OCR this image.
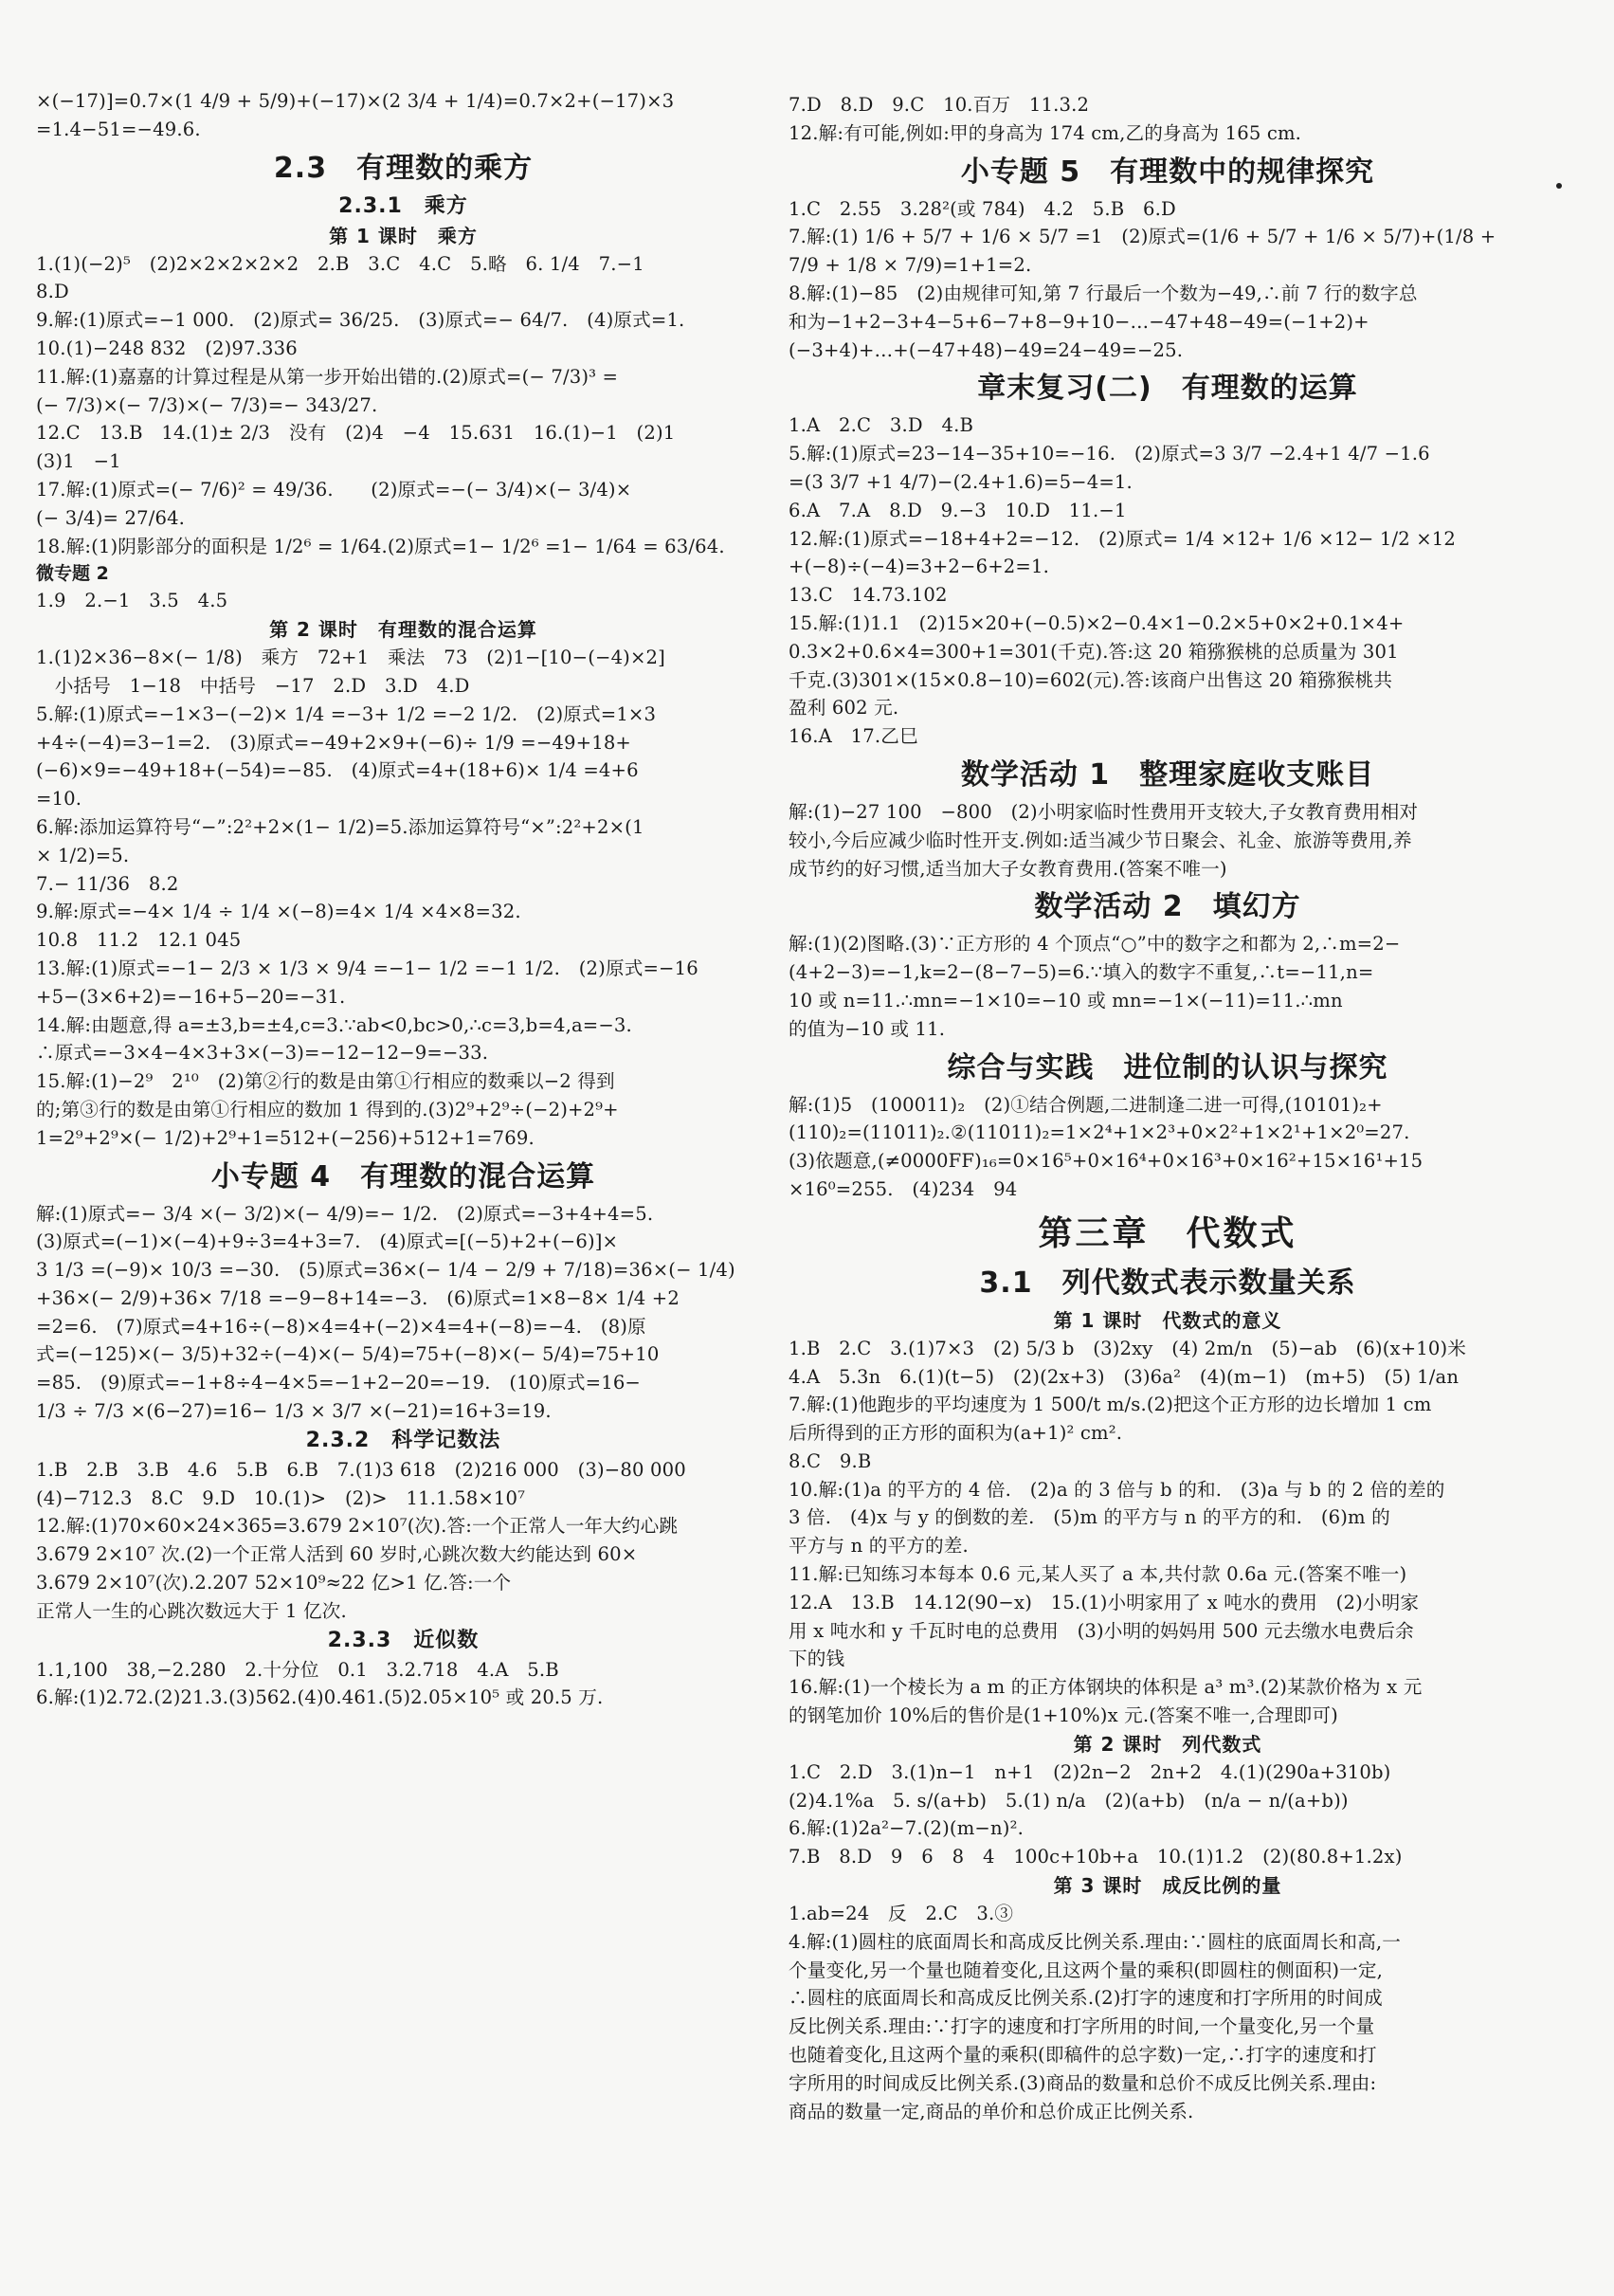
×(−17)]=0.7×(1 4/9 + 5/9)+(−17)×(2 3/4 + 1/4)=0.7×2+(−17)×3
=1.4−51=−49.6.
2.3　有理数的乘方
2.3.1　乘方
第 1 课时　乘方
1.(1)(−2)⁵　(2)2×2×2×2×2　2.B　3.C　4.C　5.略　6. 1/4　7.−1
8.D
9.解:(1)原式=−1 000.　(2)原式= 36/25.　(3)原式=− 64/7.　(4)原式=1.
10.(1)−248 832　(2)97.336
11.解:(1)嘉嘉的计算过程是从第一步开始出错的.(2)原式=(− 7/3)³ =
(− 7/3)×(− 7/3)×(− 7/3)=− 343/27.
12.C　13.B　14.(1)± 2/3　没有　(2)4　−4　15.631　16.(1)−1　(2)1
(3)1　−1
17.解:(1)原式=(− 7/6)² = 49/36.　　(2)原式=−(− 3/4)×(− 3/4)×
(− 3/4)= 27/64.
18.解:(1)阴影部分的面积是 1/2⁶ = 1/64.(2)原式=1− 1/2⁶ =1− 1/64 = 63/64.
微专题 2
1.9　2.−1　3.5　4.5
第 2 课时　有理数的混合运算
1.(1)2×36−8×(− 1/8)　乘方　72+1　乘法　73　(2)1−[10−(−4)×2]
　小括号　1−18　中括号　−17　2.D　3.D　4.D
5.解:(1)原式=−1×3−(−2)× 1/4 =−3+ 1/2 =−2 1/2.　(2)原式=1×3
+4÷(−4)=3−1=2.　(3)原式=−49+2×9+(−6)÷ 1/9 =−49+18+
(−6)×9=−49+18+(−54)=−85.　(4)原式=4+(18+6)× 1/4 =4+6
=10.
6.解:添加运算符号“−”:2²+2×(1− 1/2)=5.添加运算符号“×”:2²+2×(1
× 1/2)=5.
7.− 11/36　8.2
9.解:原式=−4× 1/4 ÷ 1/4 ×(−8)=4× 1/4 ×4×8=32.
10.8　11.2　12.1 045
13.解:(1)原式=−1− 2/3 × 1/3 × 9/4 =−1− 1/2 =−1 1/2.　(2)原式=−16
+5−(3×6+2)=−16+5−20=−31.
14.解:由题意,得 a=±3,b=±4,c=3.∵ab<0,bc>0,∴c=3,b=4,a=−3.
∴原式=−3×4−4×3+3×(−3)=−12−12−9=−33.
15.解:(1)−2⁹　2¹⁰　(2)第②行的数是由第①行相应的数乘以−2 得到
的;第③行的数是由第①行相应的数加 1 得到的.(3)2⁹+2⁹÷(−2)+2⁹+
1=2⁹+2⁹×(− 1/2)+2⁹+1=512+(−256)+512+1=769.
小专题 4　有理数的混合运算
解:(1)原式=− 3/4 ×(− 3/2)×(− 4/9)=− 1/2.　(2)原式=−3+4+4=5.
(3)原式=(−1)×(−4)+9÷3=4+3=7.　(4)原式=[(−5)+2+(−6)]×
3 1/3 =(−9)× 10/3 =−30.　(5)原式=36×(− 1/4 − 2/9 + 7/18)=36×(− 1/4)
+36×(− 2/9)+36× 7/18 =−9−8+14=−3.　(6)原式=1×8−8× 1/4 +2
=2=6.　(7)原式=4+16÷(−8)×4=4+(−2)×4=4+(−8)=−4.　(8)原
式=(−125)×(− 3/5)+32÷(−4)×(− 5/4)=75+(−8)×(− 5/4)=75+10
=85.　(9)原式=−1+8÷4−4×5=−1+2−20=−19.　(10)原式=16−
1/3 ÷ 7/3 ×(6−27)=16− 1/3 × 3/7 ×(−21)=16+3=19.
2.3.2　科学记数法
1.B　2.B　3.B　4.6　5.B　6.B　7.(1)3 618　(2)216 000　(3)−80 000
(4)−712.3　8.C　9.D　10.(1)>　(2)>　11.1.58×10⁷
12.解:(1)70×60×24×365=3.679 2×10⁷(次).答:一个正常人一年大约心跳
3.679 2×10⁷ 次.(2)一个正常人活到 60 岁时,心跳次数大约能达到 60×
3.679 2×10⁷(次).2.207 52×10⁹≈22 亿>1 亿.答:一个
正常人一生的心跳次数远大于 1 亿次.
2.3.3　近似数
1.1,100　38,−2.280　2.十分位　0.1　3.2.718　4.A　5.B
6.解:(1)2.72.(2)21.3.(3)562.(4)0.461.(5)2.05×10⁵ 或 20.5 万.
7.D　8.D　9.C　10.百万　11.3.2
12.解:有可能,例如:甲的身高为 174 cm,乙的身高为 165 cm.
小专题 5　有理数中的规律探究
1.C　2.55　3.28²(或 784)　4.2　5.B　6.D
7.解:(1) 1/6 + 5/7 + 1/6 × 5/7 =1　(2)原式=(1/6 + 5/7 + 1/6 × 5/7)+(1/8 +
7/9 + 1/8 × 7/9)=1+1=2.
8.解:(1)−85　(2)由规律可知,第 7 行最后一个数为−49,∴前 7 行的数字总
和为−1+2−3+4−5+6−7+8−9+10−…−47+48−49=(−1+2)+
(−3+4)+…+(−47+48)−49=24−49=−25.
章末复习(二)　有理数的运算
1.A　2.C　3.D　4.B
5.解:(1)原式=23−14−35+10=−16.　(2)原式=3 3/7 −2.4+1 4/7 −1.6
=(3 3/7 +1 4/7)−(2.4+1.6)=5−4=1.
6.A　7.A　8.D　9.−3　10.D　11.−1
12.解:(1)原式=−18+4+2=−12.　(2)原式= 1/4 ×12+ 1/6 ×12− 1/2 ×12
+(−8)÷(−4)=3+2−6+2=1.
13.C　14.73.102
15.解:(1)1.1　(2)15×20+(−0.5)×2−0.4×1−0.2×5+0×2+0.1×4+
0.3×2+0.6×4=300+1=301(千克).答:这 20 箱猕猴桃的总质量为 301
千克.(3)301×(15×0.8−10)=602(元).答:该商户出售这 20 箱猕猴桃共
盈利 602 元.
16.A　17.乙巳
数学活动 1　整理家庭收支账目
解:(1)−27 100　−800　(2)小明家临时性费用开支较大,子女教育费用相对
较小,今后应减少临时性开支.例如:适当减少节日聚会、礼金、旅游等费用,养
成节约的好习惯,适当加大子女教育费用.(答案不唯一)
数学活动 2　填幻方
解:(1)(2)图略.(3)∵正方形的 4 个顶点“○”中的数字之和都为 2,∴m=2−
(4+2−3)=−1,k=2−(8−7−5)=6.∵填入的数字不重复,∴t=−11,n=
10 或 n=11.∴mn=−1×10=−10 或 mn=−1×(−11)=11.∴mn
的值为−10 或 11.
综合与实践　进位制的认识与探究
解:(1)5　(100011)₂　(2)①结合例题,二进制逢二进一可得,(10101)₂+
(110)₂=(11011)₂.②(11011)₂=1×2⁴+1×2³+0×2²+1×2¹+1×2⁰=27.
(3)依题意,(≠0000FF)₁₆=0×16⁵+0×16⁴+0×16³+0×16²+15×16¹+15
×16⁰=255.　(4)234　94
第三章　代数式
3.1　列代数式表示数量关系
第 1 课时　代数式的意义
1.B　2.C　3.(1)7×3　(2) 5/3 b　(3)2xy　(4) 2m/n　(5)−ab　(6)(x+10)米
4.A　5.3n　6.(1)(t−5)　(2)(2x+3)　(3)6a²　(4)(m−1)　(m+5)　(5) 1/an
7.解:(1)他跑步的平均速度为 1 500/t m/s.(2)把这个正方形的边长增加 1 cm
后所得到的正方形的面积为(a+1)² cm².
8.C　9.B
10.解:(1)a 的平方的 4 倍.　(2)a 的 3 倍与 b 的和.　(3)a 与 b 的 2 倍的差的
3 倍.　(4)x 与 y 的倒数的差.　(5)m 的平方与 n 的平方的和.　(6)m 的
平方与 n 的平方的差.
11.解:已知练习本每本 0.6 元,某人买了 a 本,共付款 0.6a 元.(答案不唯一)
12.A　13.B　14.12(90−x)　15.(1)小明家用了 x 吨水的费用　(2)小明家
用 x 吨水和 y 千瓦时电的总费用　(3)小明的妈妈用 500 元去缴水电费后余
下的钱
16.解:(1)一个棱长为 a m 的正方体钢块的体积是 a³ m³.(2)某款价格为 x 元
的钢笔加价 10%后的售价是(1+10%)x 元.(答案不唯一,合理即可)
第 2 课时　列代数式
1.C　2.D　3.(1)n−1　n+1　(2)2n−2　2n+2　4.(1)(290a+310b)
(2)4.1%a　5. s/(a+b)　5.(1) n/a　(2)(a+b)　(n/a − n/(a+b))
6.解:(1)2a²−7.(2)(m−n)².
7.B　8.D　9　6　8　4　100c+10b+a　10.(1)1.2　(2)(80.8+1.2x)
第 3 课时　成反比例的量
1.ab=24　反　2.C　3.③
4.解:(1)圆柱的底面周长和高成反比例关系.理由:∵圆柱的底面周长和高,一
个量变化,另一个量也随着变化,且这两个量的乘积(即圆柱的侧面积)一定,
∴圆柱的底面周长和高成反比例关系.(2)打字的速度和打字所用的时间成
反比例关系.理由:∵打字的速度和打字所用的时间,一个量变化,另一个量
也随着变化,且这两个量的乘积(即稿件的总字数)一定,∴打字的速度和打
字所用的时间成反比例关系.(3)商品的数量和总价不成反比例关系.理由:
商品的数量一定,商品的单价和总价成正比例关系.
